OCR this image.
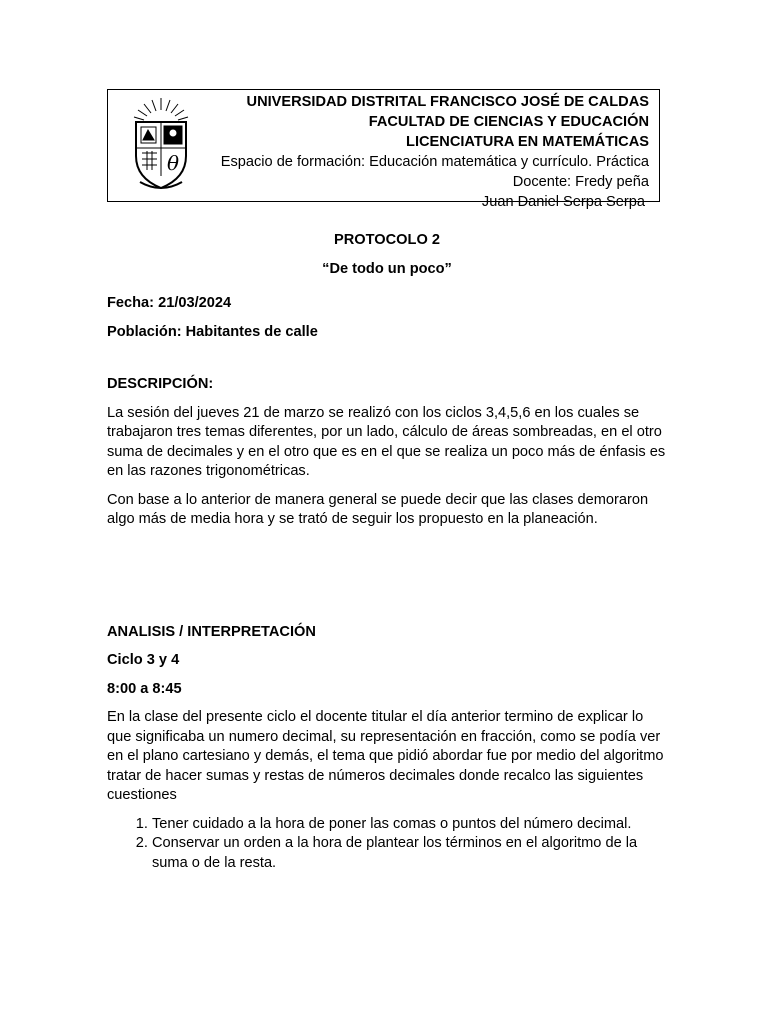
θ
UNIVERSIDAD DISTRITAL FRANCISCO JOSÉ DE CALDAS
FACULTAD DE CIENCIAS Y EDUCACIÓN
LICENCIATURA EN MATEMÁTICAS
Espacio de formación: Educación matemática y currículo. Práctica
Docente: Fredy peña
Juan Daniel Serpa Serpa

PROTOCOLO 2

“De todo un poco”

Fecha: 21/03/2024

Población: Habitantes de calle

DESCRIPCIÓN:

La sesión del jueves 21 de marzo se realizó con los ciclos 3,4,5,6 en los cuales se trabajaron tres temas diferentes, por un lado, cálculo de áreas sombreadas, en el otro suma de decimales y en el otro que es en el que se realiza un poco más de énfasis es en las razones trigonométricas.

Con base a lo anterior de manera general se puede decir que las clases demoraron algo más de media hora y se trató de seguir los propuesto en la planeación.

ANALISIS / INTERPRETACIÓN

Ciclo 3 y 4

8:00 a 8:45

En la clase del presente ciclo el docente titular el día anterior termino de explicar lo que significaba un numero decimal, su representación en fracción, como se podía ver en el plano cartesiano y demás, el tema que pidió abordar fue por medio del algoritmo tratar de hacer sumas y restas de números decimales donde recalco las siguientes cuestiones

1. Tener cuidado a la hora de poner las comas o puntos del número decimal.
2. Conservar un orden a la hora de plantear los términos en el algoritmo de la suma o de la resta.
